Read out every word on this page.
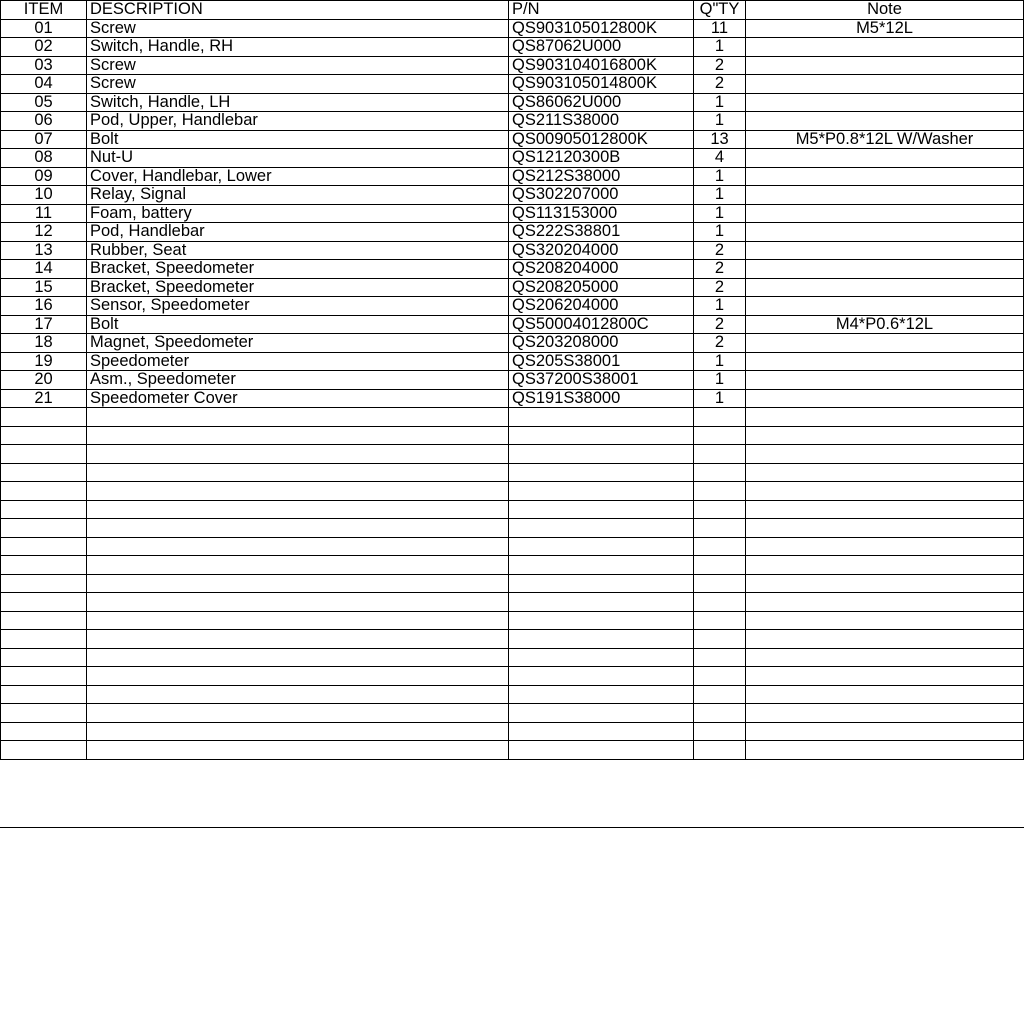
ITEM	DESCRIPTION	P/N	Q"TY	Note
01	Screw	QS903105012800K	11	M5*12L
02	Switch, Handle, RH	QS87062U000	1	
03	Screw	QS903104016800K	2	
04	Screw	QS903105014800K	2	
05	Switch, Handle, LH	QS86062U000	1	
06	Pod, Upper, Handlebar	QS211S38000	1	
07	Bolt	QS00905012800K	13	M5*P0.8*12L W/Washer
08	Nut-U	QS12120300B	4	
09	Cover, Handlebar, Lower	QS212S38000	1	
10	Relay, Signal	QS302207000	1	
11	Foam, battery	QS113153000	1	
12	Pod, Handlebar	QS222S38801	1	
13	Rubber, Seat	QS320204000	2	
14	Bracket, Speedometer	QS208204000	2	
15	Bracket, Speedometer	QS208205000	2	
16	Sensor, Speedometer	QS206204000	1	
17	Bolt	QS50004012800C	2	M4*P0.6*12L
18	Magnet, Speedometer	QS203208000	2	
19	Speedometer	QS205S38001	1	
20	Asm., Speedometer	QS37200S38001	1	
21	Speedometer Cover	QS191S38000	1	
